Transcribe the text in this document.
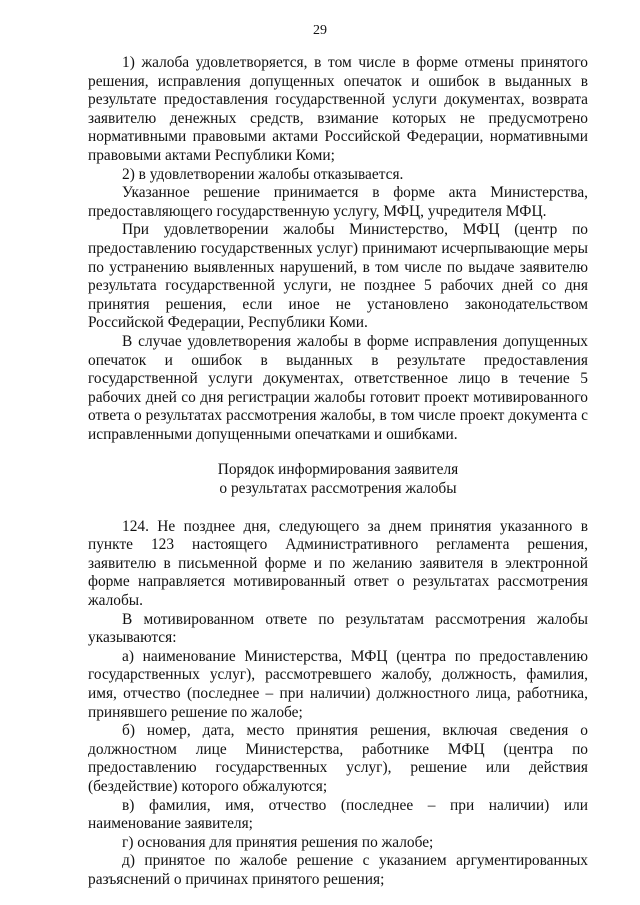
29

1) жалоба удовлетворяется, в том числе в форме отмены принятого решения, исправления допущенных опечаток и ошибок в выданных в результате предоставления государственной услуги документах, возврата заявителю денежных средств, взимание которых не предусмотрено нормативными правовыми актами Российской Федерации, нормативными правовыми актами Республики Коми;

2) в удовлетворении жалобы отказывается.

Указанное решение принимается в форме акта Министерства, предоставляющего государственную услугу, МФЦ, учредителя МФЦ.

При удовлетворении жалобы Министерство, МФЦ (центр по предоставлению государственных услуг) принимают исчерпывающие меры по устранению выявленных нарушений, в том числе по выдаче заявителю результата государственной услуги, не позднее 5 рабочих дней со дня принятия решения, если иное не установлено законодательством Российской Федерации, Республики Коми.

В случае удовлетворения жалобы в форме исправления допущенных опечаток и ошибок в выданных в результате предоставления государственной услуги документах, ответственное лицо в течение 5 рабочих дней со дня регистрации жалобы готовит проект мотивированного ответа о результатах рассмотрения жалобы, в том числе проект документа с исправленными допущенными опечатками и ошибками.

Порядок информирования заявителя
о результатах рассмотрения жалобы

124. Не позднее дня, следующего за днем принятия указанного в пункте 123 настоящего Административного регламента решения, заявителю в письменной форме и по желанию заявителя в электронной форме направляется мотивированный ответ о результатах рассмотрения жалобы.

В мотивированном ответе по результатам рассмотрения жалобы указываются:

а) наименование Министерства, МФЦ (центра по предоставлению государственных услуг), рассмотревшего жалобу, должность, фамилия, имя, отчество (последнее – при наличии) должностного лица, работника, принявшего решение по жалобе;

б) номер, дата, место принятия решения, включая сведения о должностном лице Министерства, работнике МФЦ (центра по предоставлению государственных услуг), решение или действия (бездействие) которого обжалуются;

в) фамилия, имя, отчество (последнее – при наличии) или наименование заявителя;

г) основания для принятия решения по жалобе;

д) принятое по жалобе решение с указанием аргументированных разъяснений о причинах принятого решения;
